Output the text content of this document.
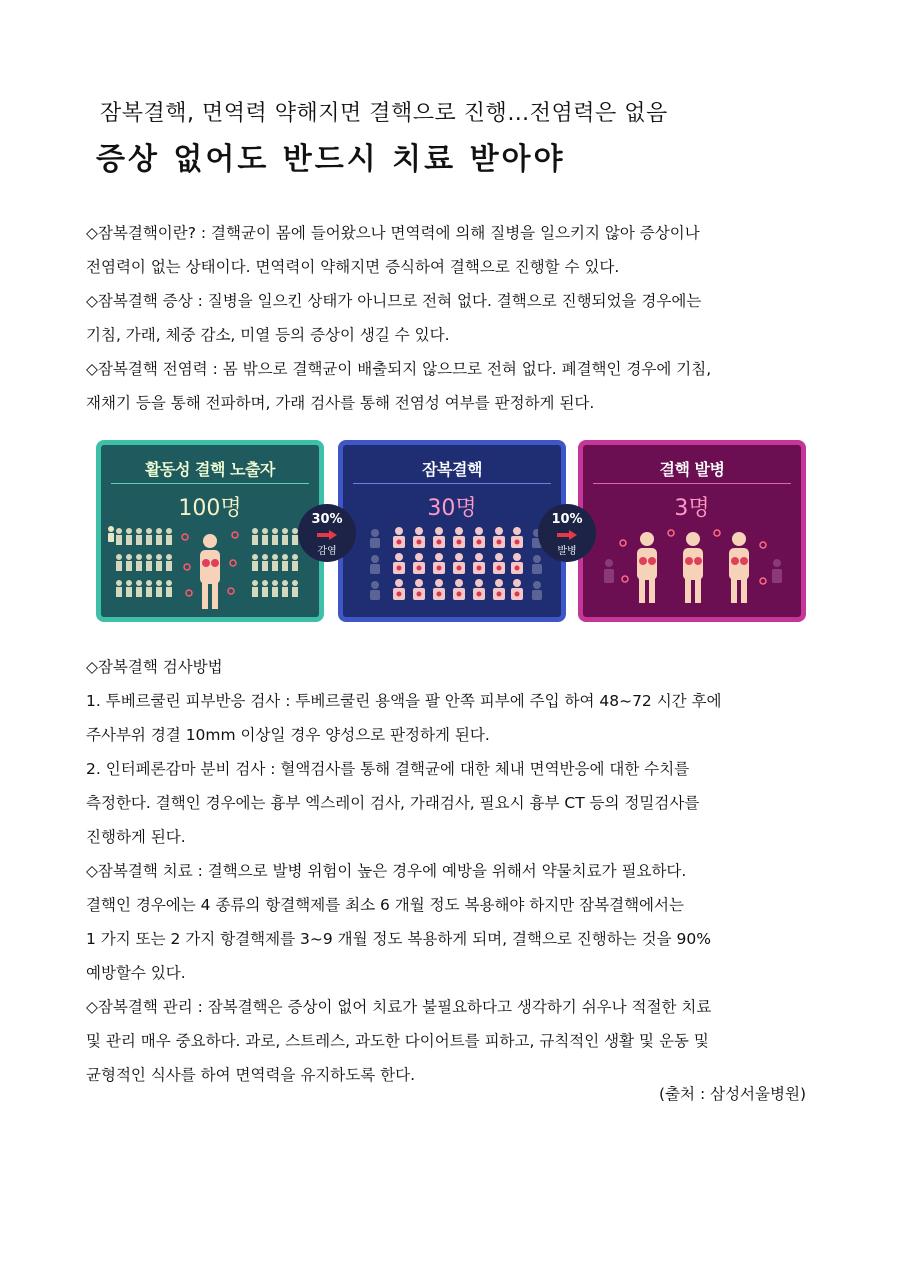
잠복결핵, 면역력 약해지면 결핵으로 진행…전염력은 없음
증상 없어도 반드시 치료 받아야
◇잠복결핵이란? : 결핵균이 몸에 들어왔으나 면역력에 의해 질병을 일으키지 않아 증상이나
전염력이 없는 상태이다. 면역력이 약해지면 증식하여 결핵으로 진행할 수 있다.
◇잠복결핵 증상 : 질병을 일으킨 상태가 아니므로 전혀 없다. 결핵으로 진행되었을 경우에는
기침, 가래, 체중 감소, 미열 등의 증상이 생길 수 있다.
◇잠복결핵 전염력 : 몸 밖으로 결핵균이 배출되지 않으므로 전혀 없다. 폐결핵인 경우에 기침,
재채기 등을 통해 전파하며, 가래 검사를 통해 전염성 여부를 판정하게 된다.
활동성 결핵 노출자
100명
잠복결핵
30명
결핵 발병
3명
30%
감염
10%
발병
◇잠복결핵 검사방법
1. 투베르쿨린 피부반응 검사 : 투베르쿨린 용액을 팔 안쪽 피부에 주입 하여 48~72 시간 후에
주사부위 경결 10mm 이상일 경우 양성으로 판정하게 된다.
2. 인터페론감마 분비 검사 : 혈액검사를 통해 결핵균에 대한 체내 면역반응에 대한 수치를
측정한다. 결핵인 경우에는 흉부 엑스레이 검사, 가래검사, 필요시 흉부 CT 등의 정밀검사를
진행하게 된다.
◇잠복결핵 치료 : 결핵으로 발병 위험이 높은 경우에 예방을 위해서 약물치료가 필요하다.
결핵인 경우에는 4 종류의 항결핵제를 최소 6 개월 정도 복용해야 하지만 잠복결핵에서는
1 가지 또는 2 가지 항결핵제를 3~9 개월 정도 복용하게 되며, 결핵으로 진행하는 것을 90%
예방할수 있다.
◇잠복결핵 관리 : 잠복결핵은 증상이 없어 치료가 불필요하다고 생각하기 쉬우나 적절한 치료
및 관리 매우 중요하다. 과로, 스트레스, 과도한 다이어트를 피하고, 규칙적인 생활 및 운동 및
균형적인 식사를 하여 면역력을 유지하도록 한다.
(출처 : 삼성서울병원)
